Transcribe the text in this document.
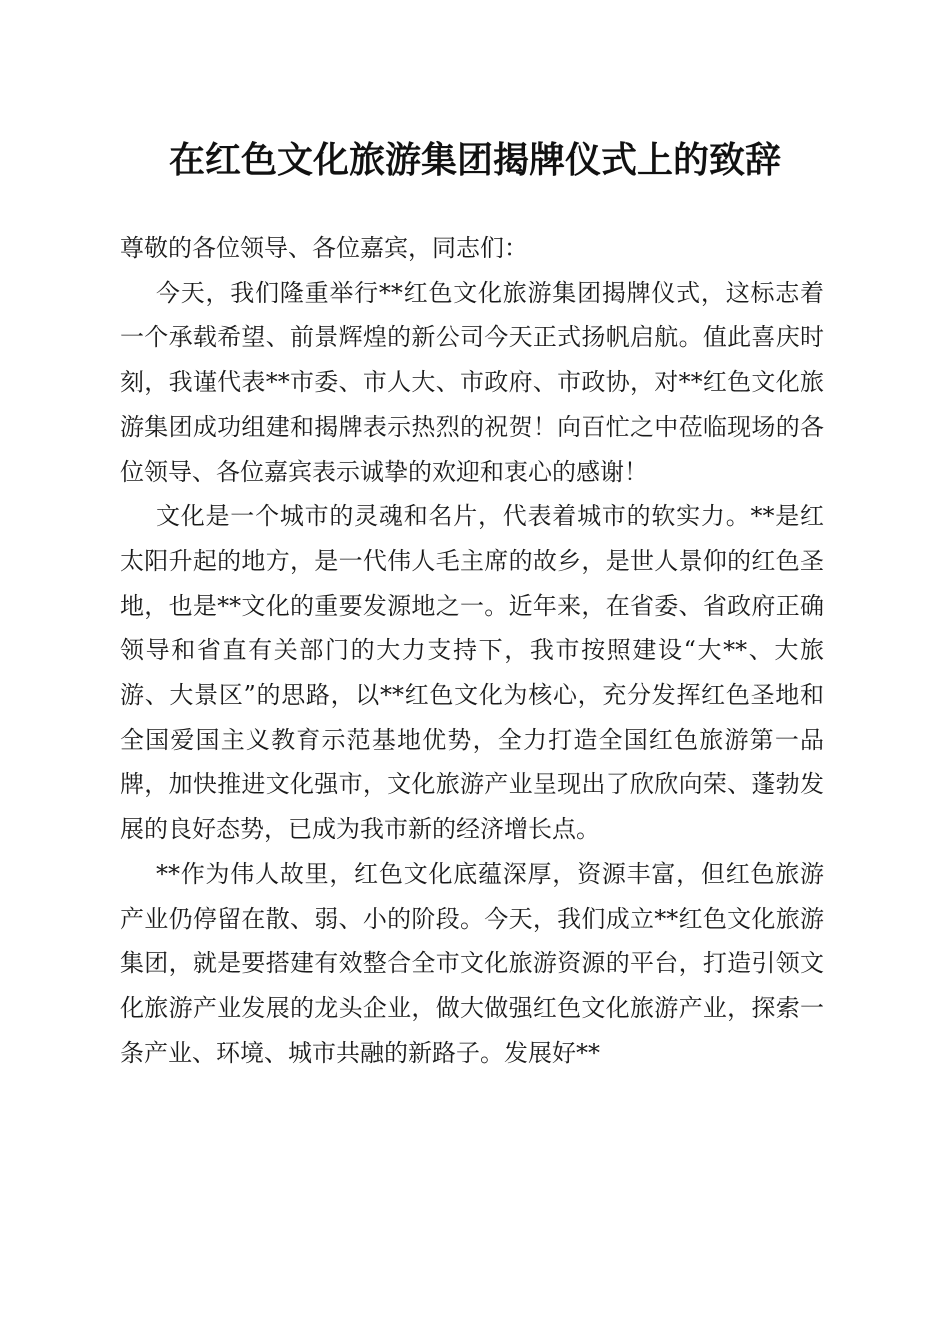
在红色文化旅游集团揭牌仪式上的致辞

尊敬的各位领导、各位嘉宾，同志们：

今天，我们隆重举行**红色文化旅游集团揭牌仪式，这标志着一个承载希望、前景辉煌的新公司今天正式扬帆启航。值此喜庆时刻，我谨代表**市委、市人大、市政府、市政协，对**红色文化旅游集团成功组建和揭牌表示热烈的祝贺！向百忙之中莅临现场的各位领导、各位嘉宾表示诚挚的欢迎和衷心的感谢！

文化是一个城市的灵魂和名片，代表着城市的软实力。**是红太阳升起的地方，是一代伟人毛主席的故乡，是世人景仰的红色圣地，也是**文化的重要发源地之一。近年来，在省委、省政府正确领导和省直有关部门的大力支持下，我市按照建设“大**、大旅游、大景区”的思路，以**红色文化为核心，充分发挥红色圣地和全国爱国主义教育示范基地优势，全力打造全国红色旅游第一品牌，加快推进文化强市，文化旅游产业呈现出了欣欣向荣、蓬勃发展的良好态势，已成为我市新的经济增长点。

**作为伟人故里，红色文化底蕴深厚，资源丰富，但红色旅游产业仍停留在散、弱、小的阶段。今天，我们成立**红色文化旅游集团，就是要搭建有效整合全市文化旅游资源的平台，打造引领文化旅游产业发展的龙头企业，做大做强红色文化旅游产业，探索一条产业、环境、城市共融的新路子。发展好**
